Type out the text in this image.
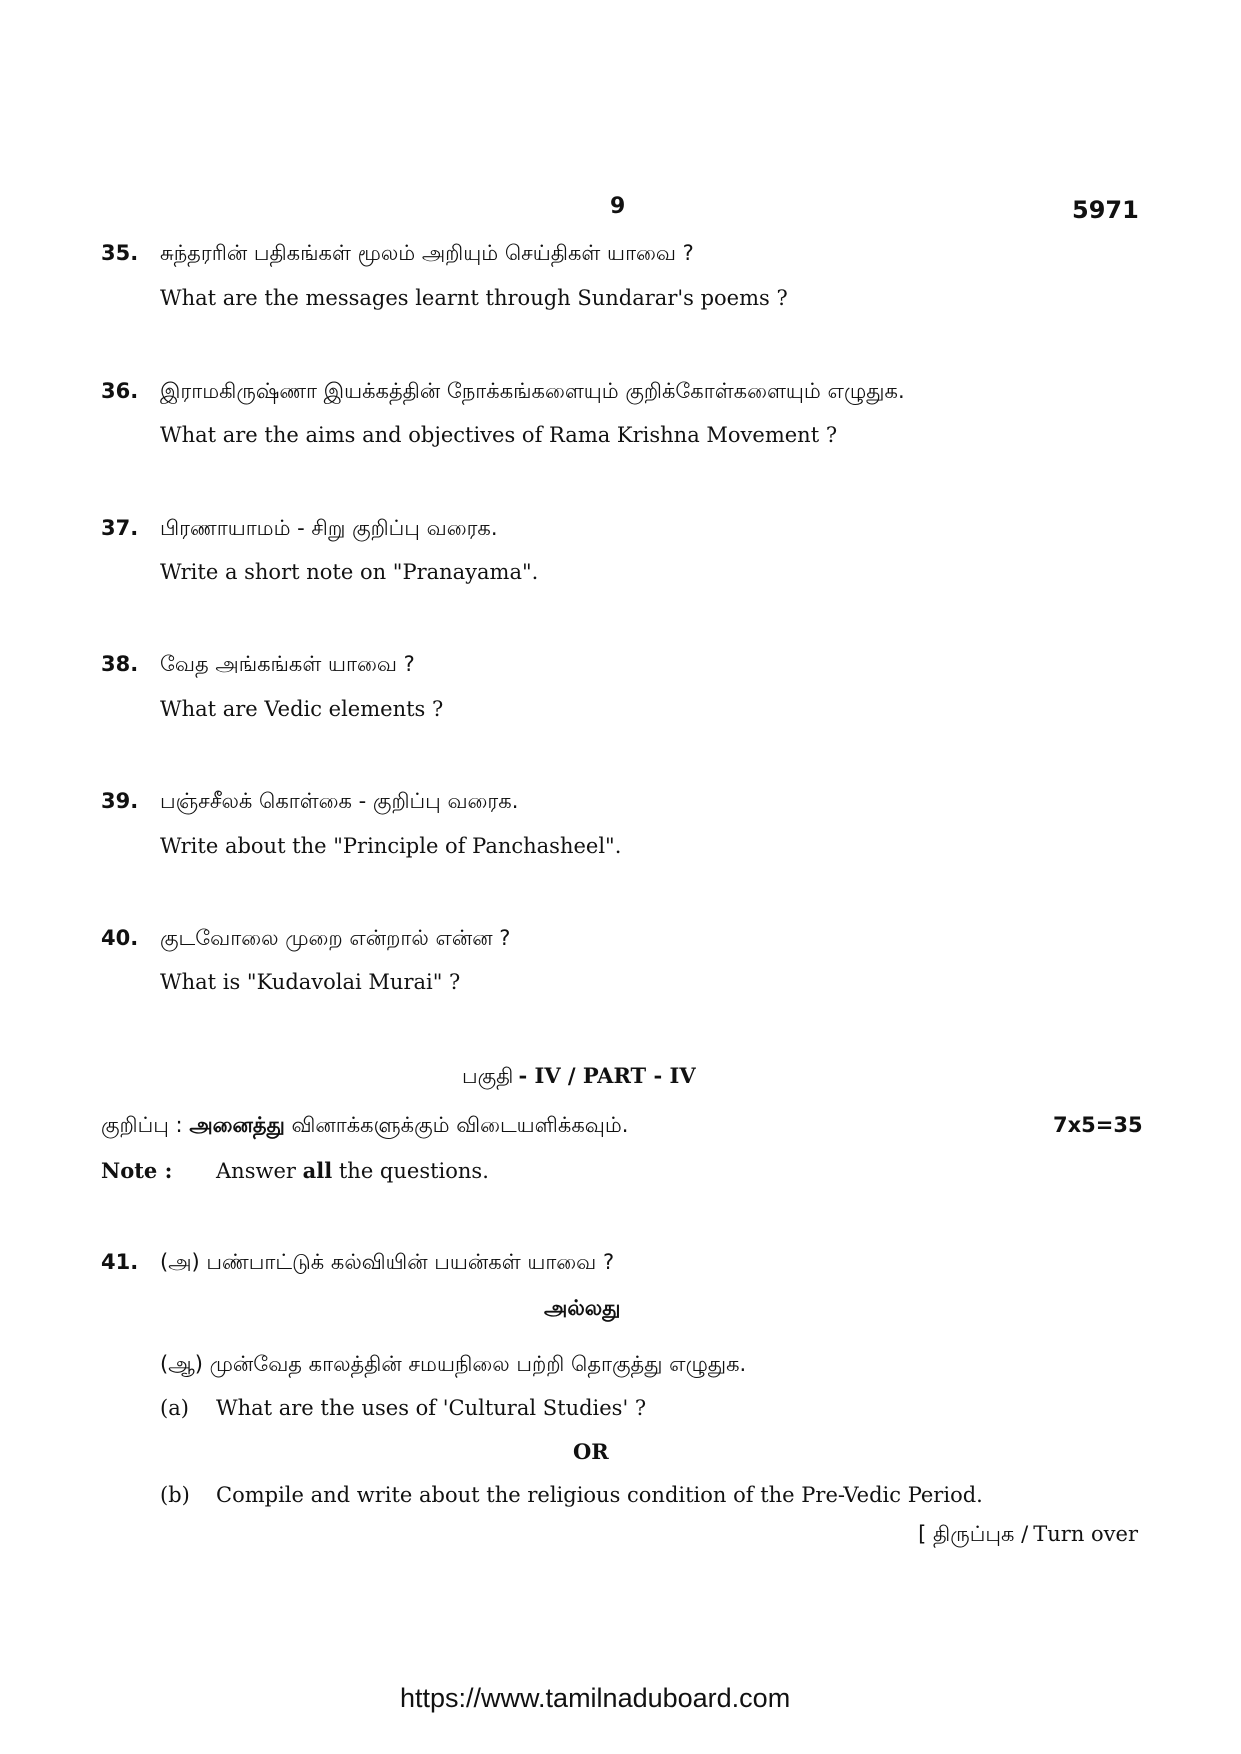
9	5971
35. சுந்தரரின் பதிகங்கள் மூலம் அறியும் செய்திகள் யாவை ?
What are the messages learnt through Sundarar's poems ?
36. இராமகிருஷ்ணா இயக்கத்தின் நோக்கங்களையும் குறிக்கோள்களையும் எழுதுக.
What are the aims and objectives of Rama Krishna Movement ?
37. பிரணாயாமம் - சிறு குறிப்பு வரைக.
Write a short note on "Pranayama".
38. வேத அங்கங்கள் யாவை ?
What are Vedic elements ?
39. பஞ்சசீலக் கொள்கை - குறிப்பு வரைக.
Write about the "Principle of Panchasheel".
40. குடவோலை முறை என்றால் என்ன ?
What is "Kudavolai Murai" ?
பகுதி - IV / PART - IV
குறிப்பு : அனைத்து வினாக்களுக்கும் விடையளிக்கவும்.	7x5=35
Note : Answer all the questions.
41. (அ) பண்பாட்டுக் கல்வியின் பயன்கள் யாவை ?
அல்லது
(ஆ) முன்வேத காலத்தின் சமயநிலை பற்றி தொகுத்து எழுதுக.
(a) What are the uses of 'Cultural Studies' ?
OR
(b) Compile and write about the religious condition of the Pre-Vedic Period.
[ திருப்புக / Turn over
https://www.tamilnaduboard.com
